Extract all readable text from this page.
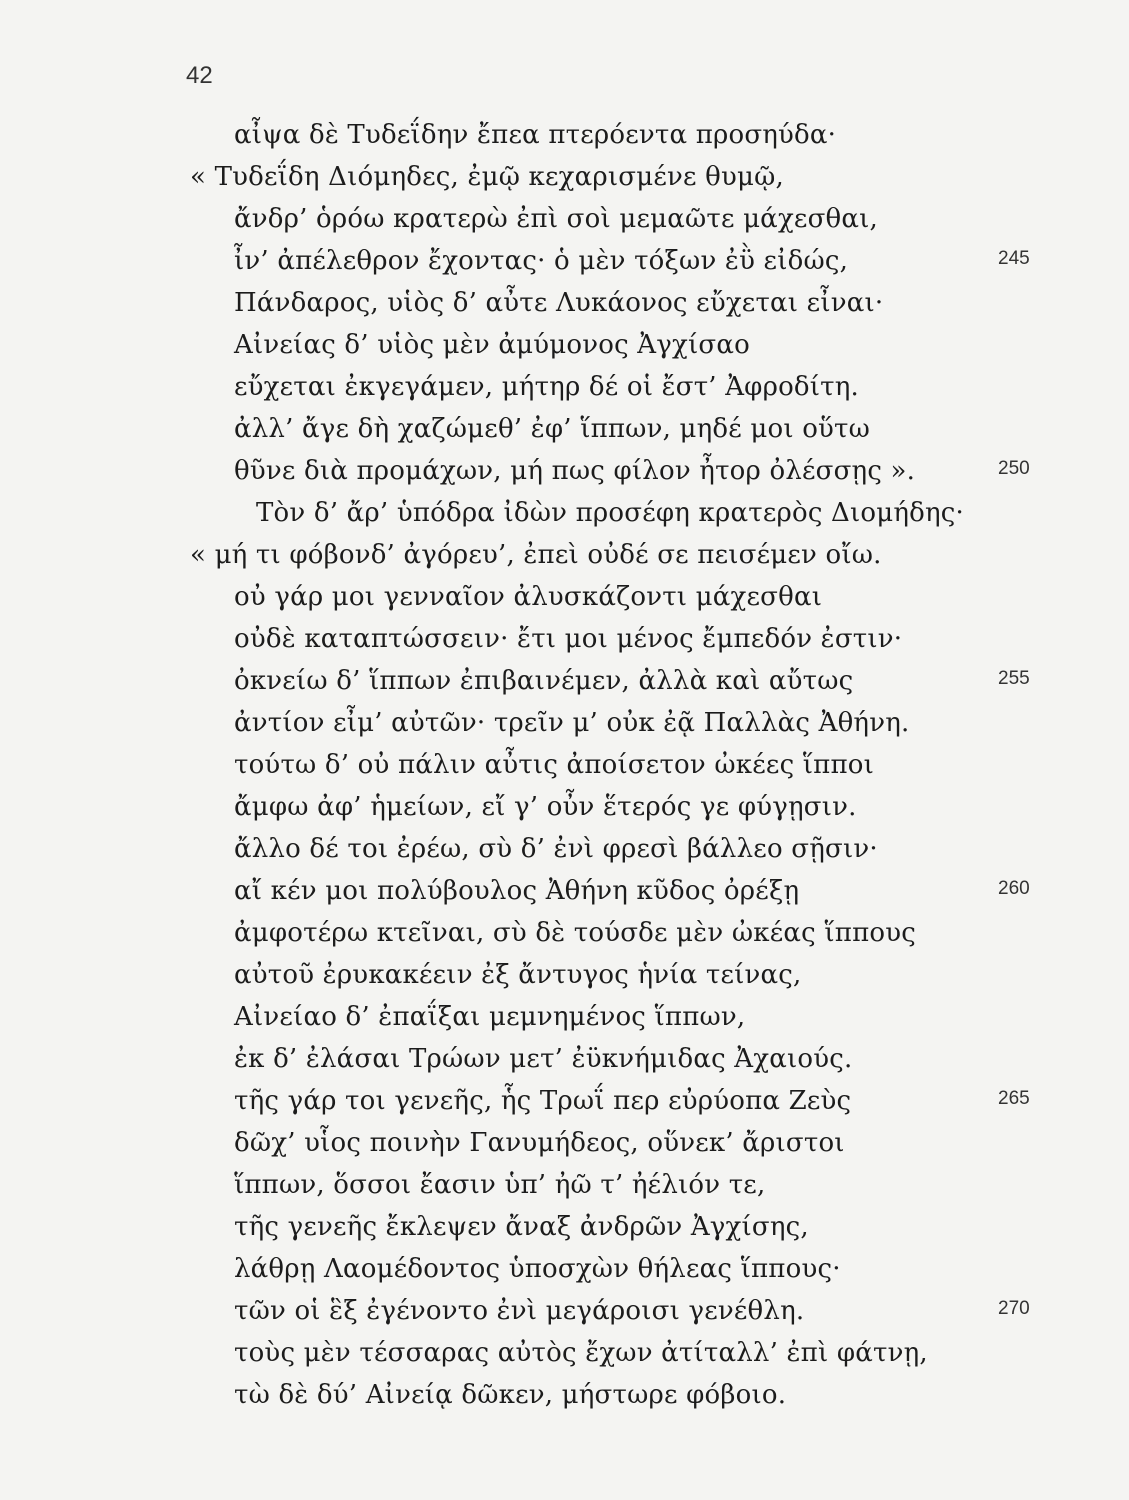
42
αἶψα δὲ Τυδεΐδην ἔπεα πτερόεντα προσηύδα·
« Τυδεΐδη Διόμηδες, ἐμῷ κεχαρισμένε θυμῷ,
ἄνδρ’ ὁρόω κρατερὼ ἐπὶ σοὶ μεμαῶτε μάχεσθαι,
ἶν’ ἀπέλεθρον ἔχοντας· ὁ μὲν τόξων ἐῢ εἰδώς,	245
Πάνδαρος, υἱὸς δ’ αὖτε Λυκάονος εὔχεται εἶναι·
Αἰνείας δ’ υἱὸς μὲν ἀμύμονος Ἀγχίσαο
εὔχεται ἐκγεγάμεν, μήτηρ δέ οἱ ἔστ’ Ἀφροδίτη.
ἀλλ’ ἄγε δὴ χαζώμεθ’ ἐφ’ ἵππων, μηδέ μοι οὕτω
θῦνε διὰ προμάχων, μή πως φίλον ἦτορ ὀλέσσῃς ».	250
Τὸν δ’ ἄρ’ ὑπόδρα ἰδὼν προσέφη κρατερὸς Διομήδης·
« μή τι φόβονδ’ ἀγόρευ’, ἐπεὶ οὐδέ σε πεισέμεν οἴω.
οὐ γάρ μοι γενναῖον ἀλυσκάζοντι μάχεσθαι
οὐδὲ καταπτώσσειν· ἔτι μοι μένος ἔμπεδόν ἐστιν·
ὀκνείω δ’ ἵππων ἐπιβαινέμεν, ἀλλὰ καὶ αὔτως	255
ἀντίον εἶμ’ αὐτῶν· τρεῖν μ’ οὐκ ἐᾷ Παλλὰς Ἀθήνη.
τούτω δ’ οὐ πάλιν αὖτις ἀποίσετον ὠκέες ἵπποι
ἄμφω ἀφ’ ἡμείων, εἴ γ’ οὖν ἕτερός γε φύγῃσιν.
ἄλλο δέ τοι ἐρέω, σὺ δ’ ἐνὶ φρεσὶ βάλλεο σῇσιν·
αἴ κέν μοι πολύβουλος Ἀθήνη κῦδος ὀρέξῃ	260
ἀμφοτέρω κτεῖναι, σὺ δὲ τούσδε μὲν ὠκέας ἵππους
αὐτοῦ ἐρυκακέειν ἐξ ἄντυγος ἡνία τείνας,
Αἰνείαο δ’ ἐπαΐξαι μεμνημένος ἵππων,
ἐκ δ’ ἐλάσαι Τρώων μετ’ ἐϋκνήμιδας Ἀχαιούς.
τῆς γάρ τοι γενεῆς, ἧς Τρωΐ περ εὐρύοπα Ζεὺς	265
δῶχ’ υἷος ποινὴν Γανυμήδεος, οὕνεκ’ ἄριστοι
ἵππων, ὅσσοι ἔασιν ὑπ’ ἠῶ τ’ ἠέλιόν τε,
τῆς γενεῆς ἔκλεψεν ἄναξ ἀνδρῶν Ἀγχίσης,
λάθρῃ Λαομέδοντος ὑποσχὼν θήλεας ἵππους·
τῶν οἱ ἓξ ἐγένοντο ἐνὶ μεγάροισι γενέθλη.	270
τοὺς μὲν τέσσαρας αὐτὸς ἔχων ἀτίταλλ’ ἐπὶ φάτνῃ,
τὼ δὲ δύ’ Αἰνείᾳ δῶκεν, μήστωρε φόβοιο.
